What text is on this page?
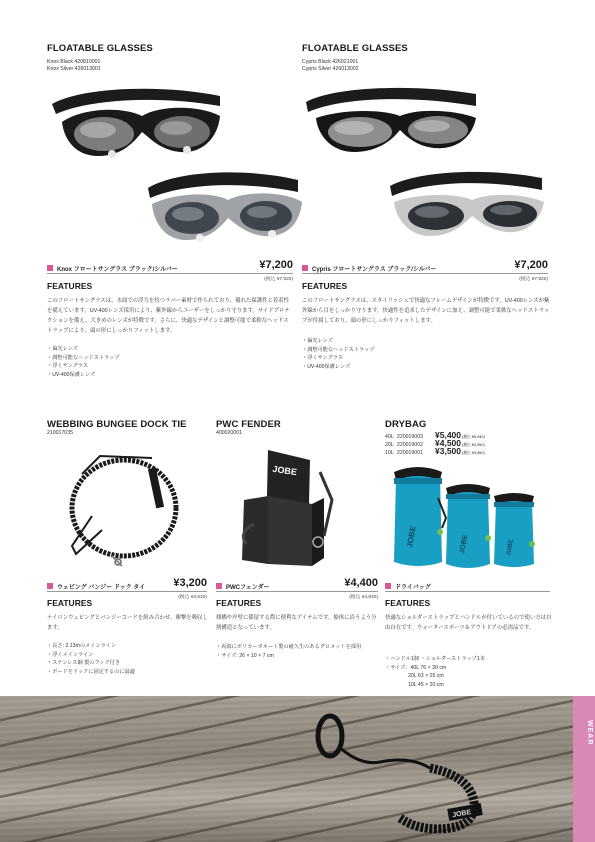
FLOATABLE GLASSES
Knox Black 420810001
Knox Silver 426013001
Knox フロートサングラス ブラック/シルバー	¥7,200
(税込 ¥7,920)
FEATURES
このフロートサングラスは、水面での浮力を持つラバー素材で作られており、優れた保護性と着着性を備えています。UV-400レンズ採用により、紫外線からユーザーをしっかり守ります。サイドプロテクションを備え、大きめのレンズが特徴です。さらに、快適なデザインと調整可能で柔軟なヘッドストラップにより、頭の形にしっかりフィットします。
・偏光レンズ
・調整可能なヘッドストラップ
・浮くサングラス
・UV-400保護レンズ
FLOATABLE GLASSES
Cypris Black 426021001
Cypris Silver 426013002
Cypris フロートサングラス ブラック/シルバー	¥7,200
(税込 ¥7,920)
FEATURES
このフロートサングラスは、スタイリッシュで快適なフレームデザインが特徴です。UV-400レンズが紫外線から目をしっかり守ります。快適性を追求したデザインに加え、調整可能で柔軟なヘッドストラップが付属しており、頭の形にしっかりフィットします。
・偏光レンズ
・調整可能なヘッドストラップ
・浮くサングラス
・UV-400保護レンズ
WEBBING BUNGEE DOCK TIE
210017035
ウェビング バンジー ドック タイ	¥3,200
(税込 ¥3,520)
FEATURES
ナイロンウェビングとバンジーコードを組み合わせ、衝撃を吸収します。
・長さ: 2.13mのメインライン
・浮くメインライン
・ステンレス鋼 製のフック付き
・ボードをドックに固定するのに最適
PWC FENDER
400020001
JOBE
PWCフェンダー	¥4,400
(税込 ¥4,840)
FEATURES
桟橋や岸壁に係留する際に便利なアイテムです。船体に沿うよう分割構造となっています。
・両端にポリカーボネート製の耐久生のあるグロメットを採用
・サイズ: 26 × 10 × 7 cm
DRYBAG
40L 220019003	¥5,400 (税込 ¥5,940)
20L 220019002	¥4,500 (税込 ¥4,950)
10L 220019001	¥3,500 (税込 ¥3,850)
JOBE	JOBE	JOBE
ドライバッグ
FEATURES
快適なショルダーストラップとハンドルが付いているので使い方は自由自在です。ウォータースポーツ＆アウトドアの必需品です。
・ハンドル1個 ・ショルダーストラップ1本
・サイズ：40L 76 × 30 cm
20L 63 × 25 cm
10L 45 × 20 cm
JOBE
WEAR
